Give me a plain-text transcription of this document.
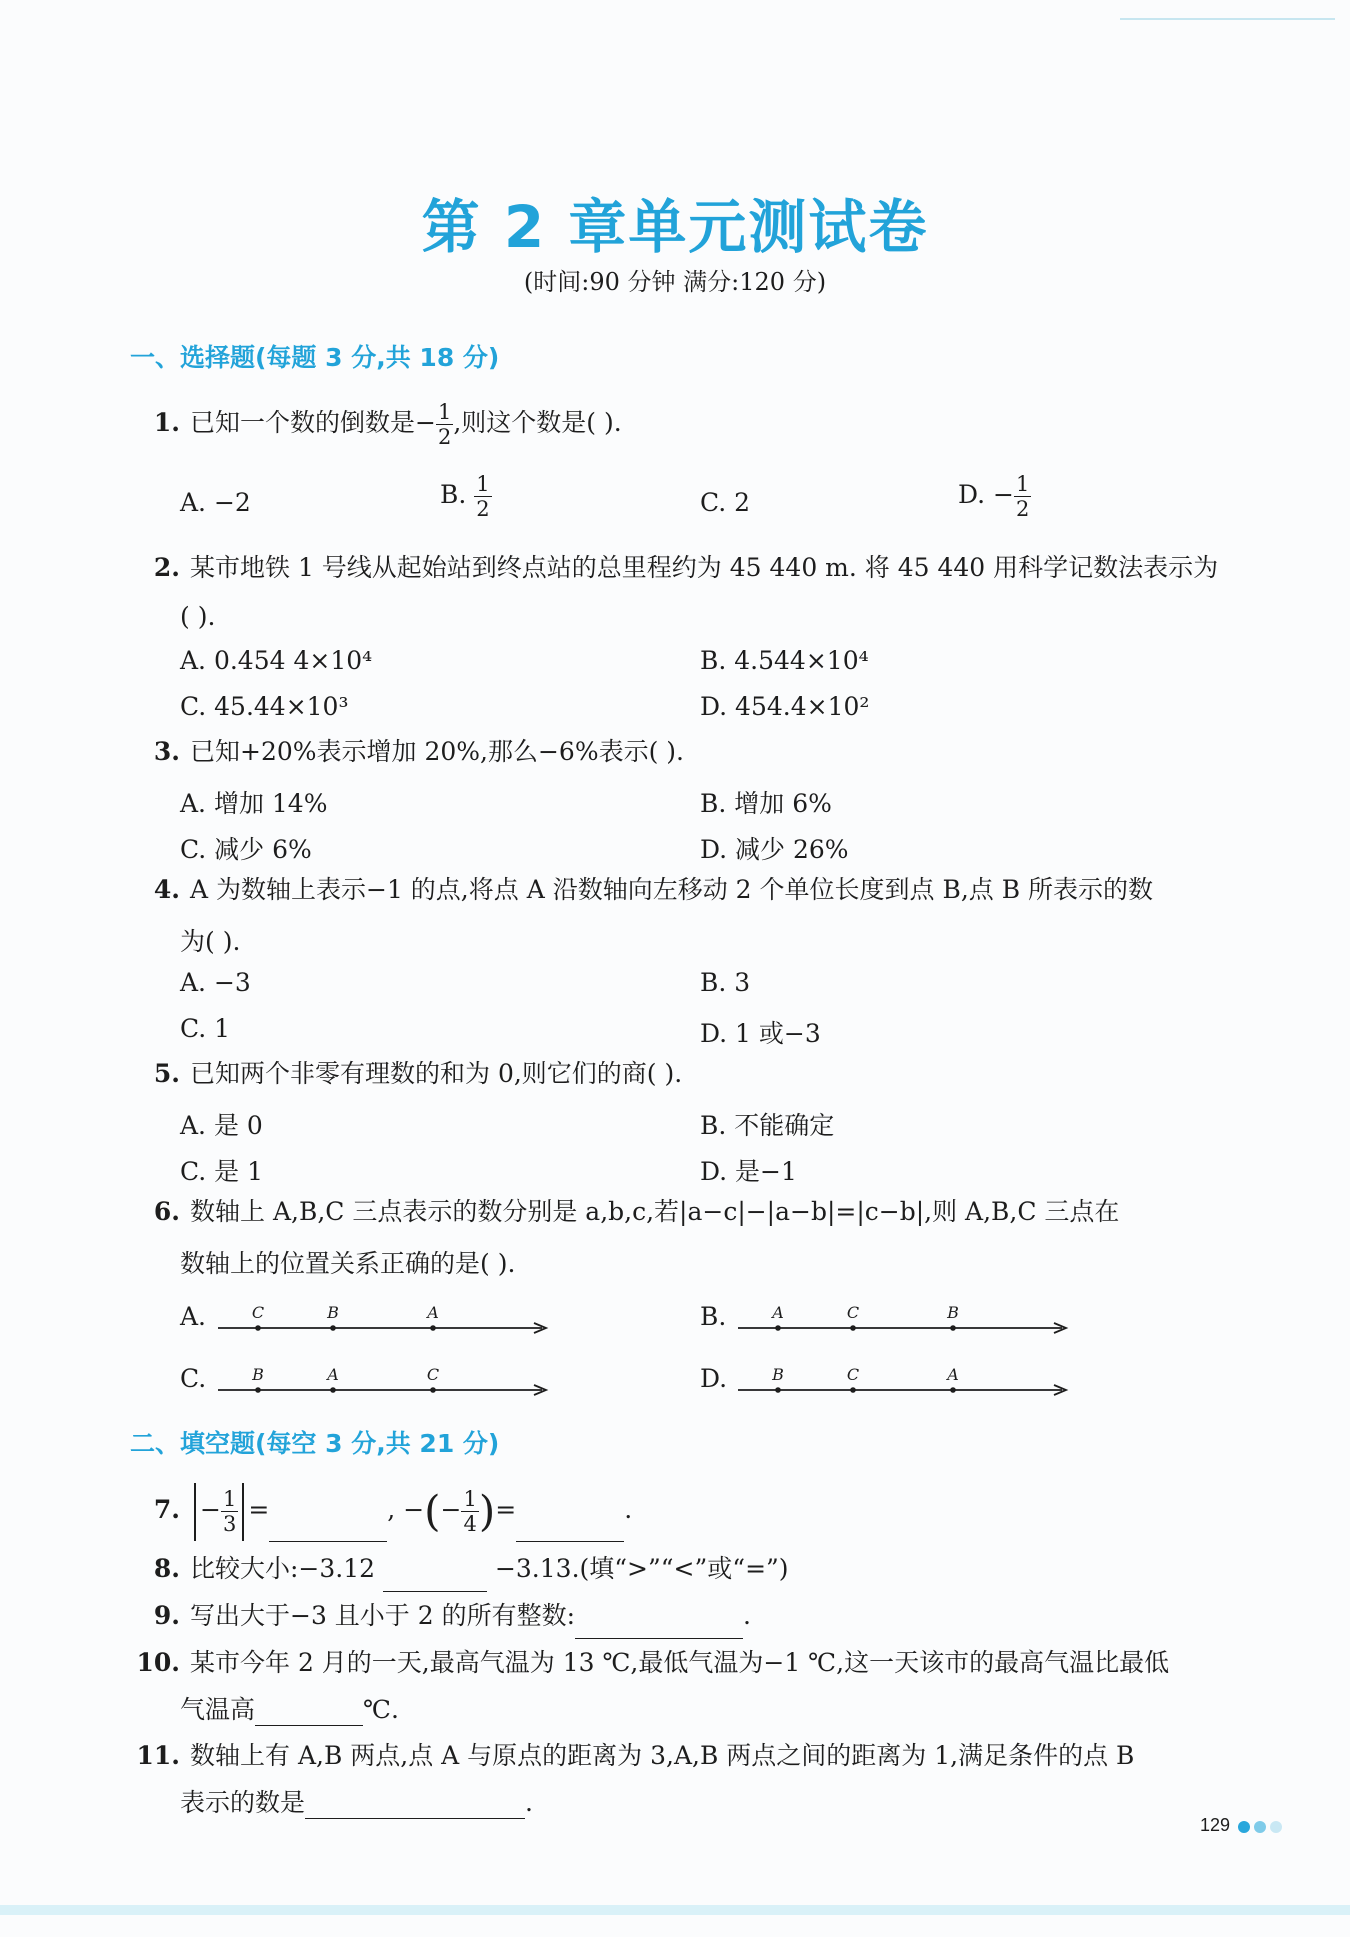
第 2 章单元测试卷
(时间:90 分钟 满分:120 分)
一、选择题(每题 3 分,共 18 分)
1. 已知一个数的倒数是− $\frac{1}{2}$ ,则这个数是( ).
A. −2	B. $\frac{1}{2}$	C. 2	D. − $\frac{1}{2}$
2. 某市地铁 1 号线从起始站到终点站的总里程约为 45 440 m. 将 45 440 用科学记数法表示为
( ).
A. 0.454 4×10⁴	B. 4.544×10⁴
C. 45.44×10³	D. 454.4×10²
3. 已知+20%表示增加 20%,那么−6%表示( ).
A. 增加 14%	B. 增加 6%
C. 减少 6%	D. 减少 26%
4. A 为数轴上表示−1 的点,将点 A 沿数轴向左移动 2 个单位长度到点 B,点 B 所表示的数
为( ).
A. −3	B. 3
C. 1	D. 1 或−3
5. 已知两个非零有理数的和为 0,则它们的商( ).
A. 是 0	B. 不能确定
C. 是 1	D. 是−1
6. 数轴上 A,B,C 三点表示的数分别是 a,b,c,若|a−c|−|a−b|=|c−b|,则 A,B,C 三点在
数轴上的位置关系正确的是( ).
A.	C	B	A	B.	A	C	B
C.	B	A	C	D.	B	C	A
二、填空题(每空 3 分,共 21 分)
7. − $\frac{1}{3}$ =	, −(− $\frac{1}{4}$ )=	.
8. 比较大小:−3.12	−3.13.(填“>”“<”或“=”)
9. 写出大于−3 且小于 2 的所有整数:	.
10. 某市今年 2 月的一天,最高气温为 13 ℃,最低气温为−1 ℃,这一天该市的最高气温比最低
气温高	℃.
11. 数轴上有 A,B 两点,点 A 与原点的距离为 3,A,B 两点之间的距离为 1,满足条件的点 B
表示的数是	.
129
